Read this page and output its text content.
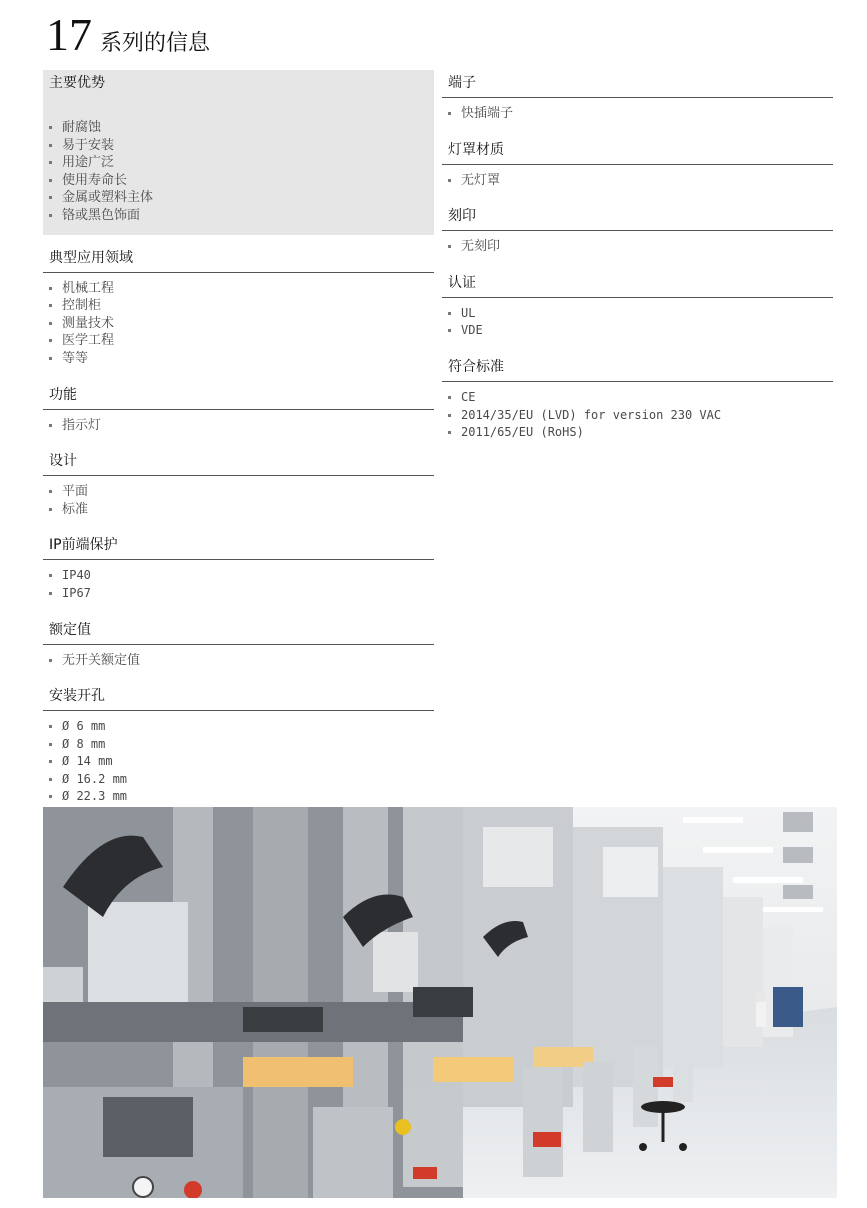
17 系列的信息
主要优势
耐腐蚀
易于安装
用途广泛
使用寿命长
金属或塑料主体
铬或黑色饰面
典型应用领域
机械工程
控制柜
测量技术
医学工程
等等
功能
指示灯
设计
平面
标准
IP前端保护
IP40
IP67
额定值
无开关额定值
安装开孔
Ø 6 mm
Ø 8 mm
Ø 14 mm
Ø 16.2 mm
Ø 22.3 mm
端子
快插端子
灯罩材质
无灯罩
刻印
无刻印
认证
UL
VDE
符合标准
CE
2014/35/EU (LVD) for version 230 VAC
2011/65/EU (RoHS)
